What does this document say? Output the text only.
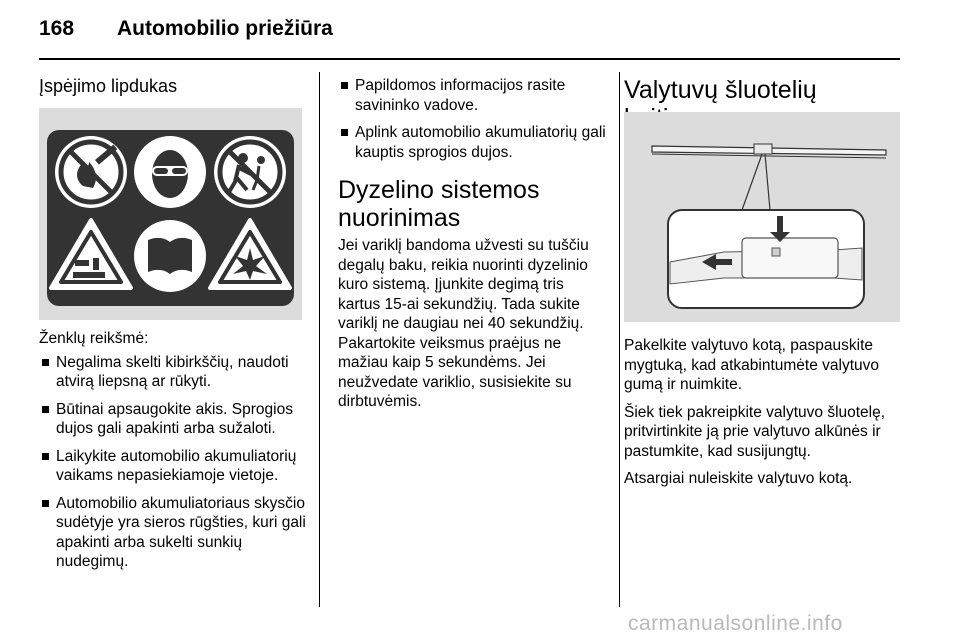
168 Automobilio priežiūra
Įspėjimo lipdukas

Ženklų reikšmė:

Negalima skelti kibirkščių, naudoti atvirą liepsną ar rūkyti.
Būtinai apsaugokite akis. Sprogios dujos gali apakinti arba sužaloti.
Laikykite automobilio akumuliatorių vaikams nepasiekiamoje vietoje.
Automobilio akumuliatoriaus skysčio sudėtyje yra sieros rūgšties, kuri gali apakinti arba sukelti sunkių nudegimų.
Papildomos informacijos rasite savininko vadove.
Aplink automobilio akumuliatorių gali kauptis sprogios dujos.
Dyzelino sistemos nuorinimas

Jei variklį bandoma užvesti su tuščiu degalų baku, reikia nuorinti dyzelinio kuro sistemą. Įjunkite degimą tris kartus 15-ai sekundžių. Tada sukite variklį ne daugiau nei 40 sekundžių. Pakartokite veiksmus praėjus ne mažiau kaip 5 sekundėms. Jei neužvedate variklio, susisiekite su dirbtuvėmis.

Valytuvų šluotelių

Pakelkite valytuvo kotą, paspauskite mygtuką, kad atkabintumėte valytuvo gumą ir nuimkite.

Šiek tiek pakreipkite valytuvo šluotelę, pritvirtinkite ją prie valytuvo alkūnės ir pastumkite, kad susijungtų.

Atsargiai nuleiskite valytuvo kotą.

carmanualsonline.info
